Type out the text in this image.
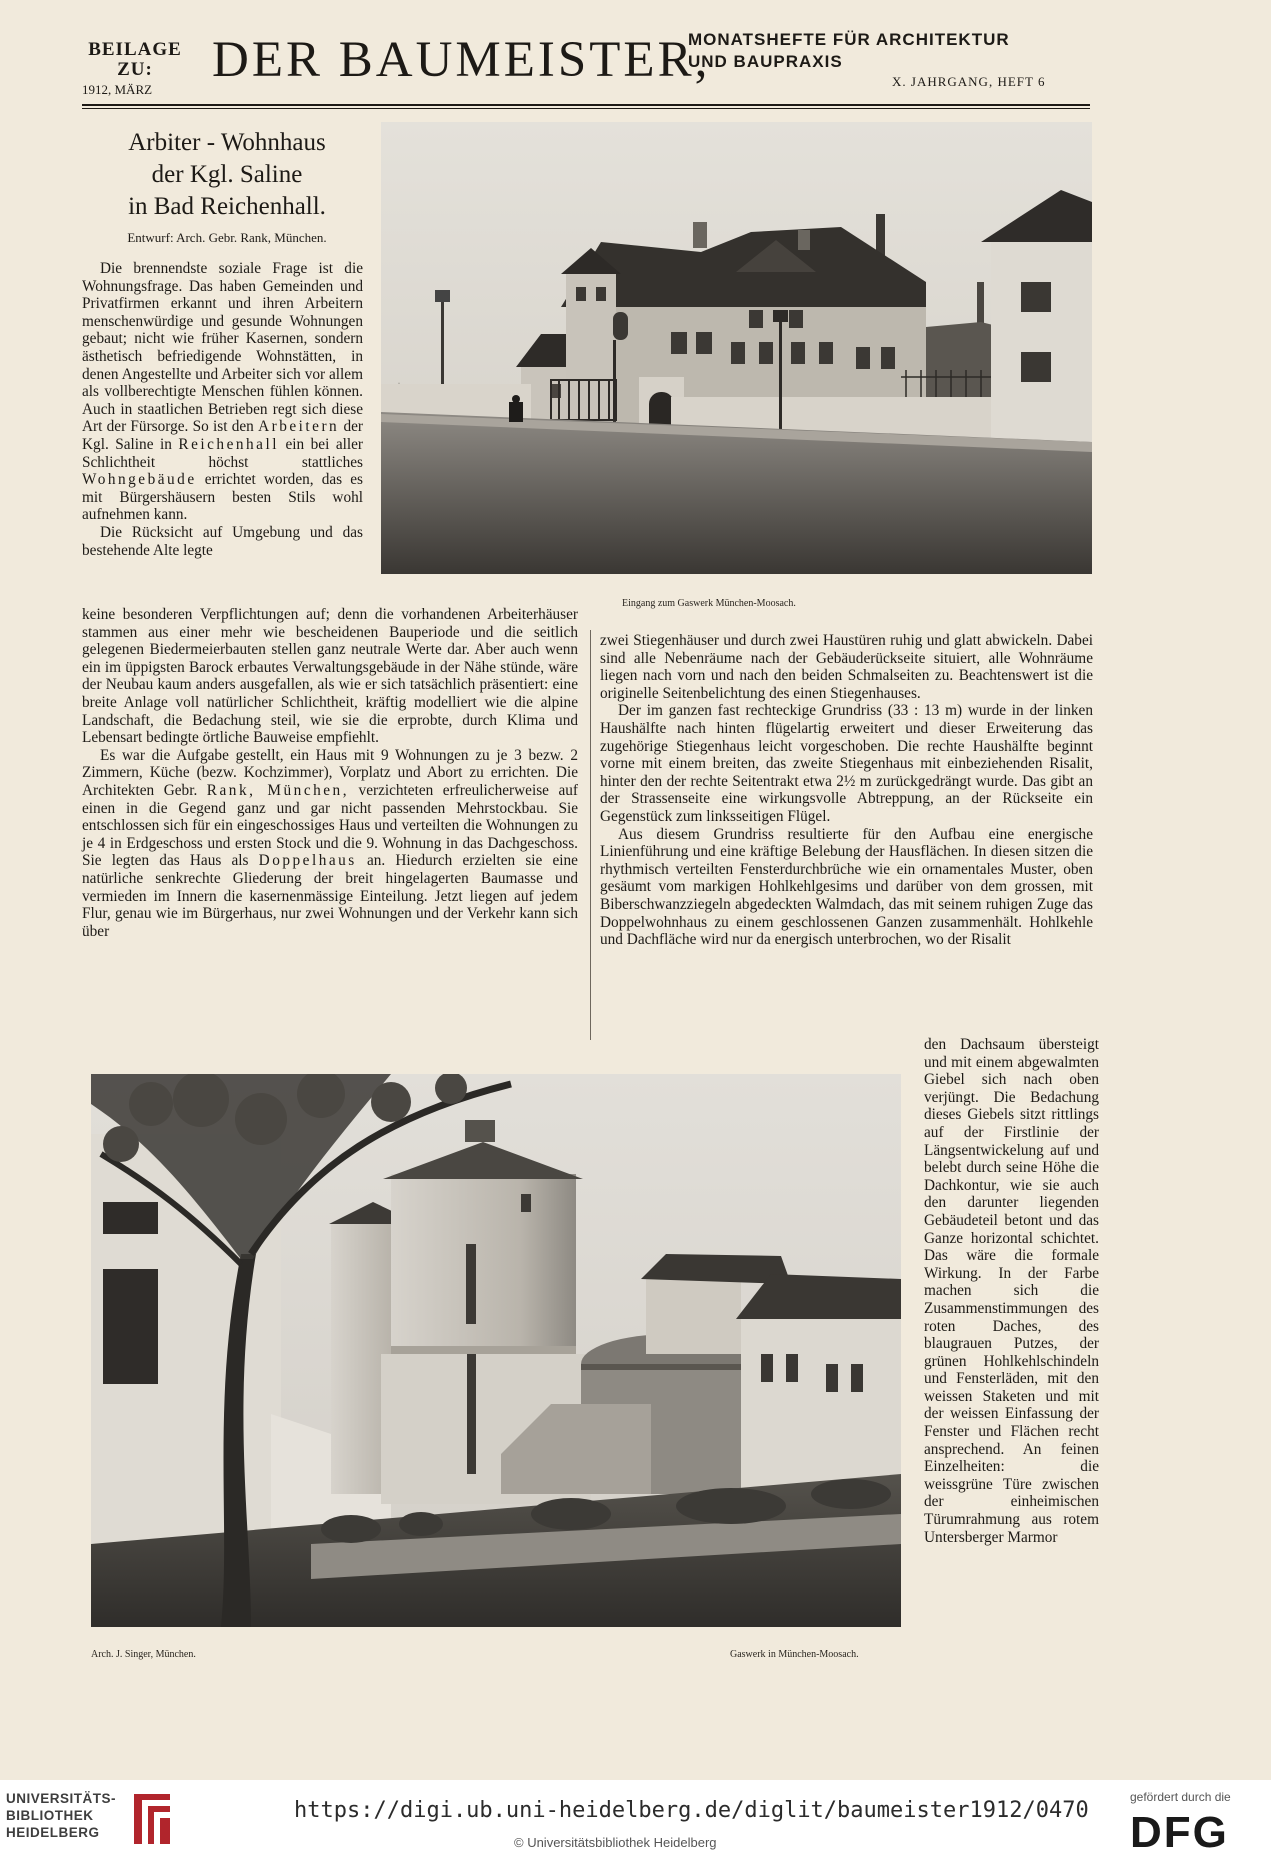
BEILAGE
ZU:
1912, MÄRZ
DER BAUMEISTER,
MONATSHEFTE FÜR ARCHITEKTUR
UND BAUPRAXIS
X. JAHRGANG, HEFT 6
Arbiter - Wohnhaus
der Kgl. Saline
in Bad Reichenhall.
Entwurf: Arch. Gebr. Rank, München.

Die brennendste soziale Frage ist die Wohnungsfrage. Das haben Gemeinden und Privatfirmen erkannt und ihren Arbeitern menschenwürdige und gesunde Wohnungen gebaut; nicht wie früher Kasernen, sondern ästhetisch befriedigende Wohnstätten, in denen Angestellte und Arbeiter sich vor allem als vollberechtigte Menschen fühlen können. Auch in staatlichen Betrieben regt sich diese Art der Fürsorge. So ist den Arbeitern der Kgl. Saline in Reichenhall ein bei aller Schlichtheit höchst stattliches Wohngebäude errichtet worden, das es mit Bürgershäusern besten Stils wohl aufnehmen kann.

Die Rücksicht auf Umgebung und das bestehende Alte legte

keine besonderen Verpflichtungen auf; denn die vorhandenen Arbeiterhäuser stammen aus einer mehr wie bescheidenen Bauperiode und die seitlich gelegenen Biedermeierbauten stellen ganz neutrale Werte dar. Aber auch wenn ein im üppigsten Barock erbautes Verwaltungsgebäude in der Nähe stünde, wäre der Neubau kaum anders ausgefallen, als wie er sich tatsächlich präsentiert: eine breite Anlage voll natürlicher Schlichtheit, kräftig modelliert wie die alpine Landschaft, die Bedachung steil, wie sie die erprobte, durch Klima und Lebensart bedingte örtliche Bauweise empfiehlt.

Es war die Aufgabe gestellt, ein Haus mit 9 Wohnungen zu je 3 bezw. 2 Zimmern, Küche (bezw. Kochzimmer), Vorplatz und Abort zu errichten. Die Architekten Gebr. Rank, München, verzichteten erfreulicherweise auf einen in die Gegend ganz und gar nicht passenden Mehrstockbau. Sie entschlossen sich für ein eingeschossiges Haus und verteilten die Wohnungen zu je 4 in Erdgeschoss und ersten Stock und die 9. Wohnung in das Dachgeschoss. Sie legten das Haus als Doppelhaus an. Hiedurch erzielten sie eine natürliche senkrechte Gliederung der breit hingelagerten Baumasse und vermieden im Innern die kasernenmässige Einteilung. Jetzt liegen auf jedem Flur, genau wie im Bürgerhaus, nur zwei Wohnungen und der Verkehr kann sich über

zwei Stiegenhäuser und durch zwei Haustüren ruhig und glatt abwickeln. Dabei sind alle Nebenräume nach der Gebäuderückseite situiert, alle Wohnräume liegen nach vorn und nach den beiden Schmalseiten zu. Beachtenswert ist die originelle Seitenbelichtung des einen Stiegenhauses.

Der im ganzen fast rechteckige Grundriss (33 : 13 m) wurde in der linken Haushälfte nach hinten flügelartig erweitert und dieser Erweiterung das zugehörige Stiegenhaus leicht vorgeschoben. Die rechte Haushälfte beginnt vorne mit einem breiten, das zweite Stiegenhaus mit einbeziehenden Risalit, hinter den der rechte Seitentrakt etwa 2½ m zurückgedrängt wurde. Das gibt an der Strassenseite eine wirkungsvolle Abtreppung, an der Rückseite ein Gegenstück zum linksseitigen Flügel.

Aus diesem Grundriss resultierte für den Aufbau eine energische Linienführung und eine kräftige Belebung der Hausflächen. In diesen sitzen die rhythmisch verteilten Fensterdurchbrüche wie ein ornamentales Muster, oben gesäumt vom markigen Hohlkehlgesims und darüber von dem grossen, mit Biberschwanzziegeln abgedeckten Walmdach, das mit seinem ruhigen Zuge das Doppelwohnhaus zu einem geschlossenen Ganzen zusammenhält. Hohlkehle und Dachfläche wird nur da energisch unterbrochen, wo der Risalit

den Dachsaum übersteigt und mit einem abgewalmten Giebel sich nach oben verjüngt. Die Bedachung dieses Giebels sitzt rittlings auf der Firstlinie der Längsentwickelung auf und belebt durch seine Höhe die Dachkontur, wie sie auch den darunter liegenden Gebäudeteil betont und das Ganze horizontal schichtet. Das wäre die formale Wirkung. In der Farbe machen sich die Zusammenstimmungen des roten Daches, des blaugrauen Putzes, der grünen Hohlkehlschindeln und Fensterläden, mit den weissen Staketen und mit der weissen Einfassung der Fenster und Flächen recht ansprechend. An feinen Einzelheiten: die weissgrüne Türe zwischen der einheimischen Türumrahmung aus rotem Untersberger Marmor

Eingang zum Gaswerk München-Moosach.
Arch. J. Singer, München.	Gaswerk in München-Moosach.
UNIVERSITÄTS-
BIBLIOTHEK
HEIDELBERG
https://digi.ub.uni-heidelberg.de/diglit/baumeister1912/0470
© Universitätsbibliothek Heidelberg
gefördert durch die
DFG
